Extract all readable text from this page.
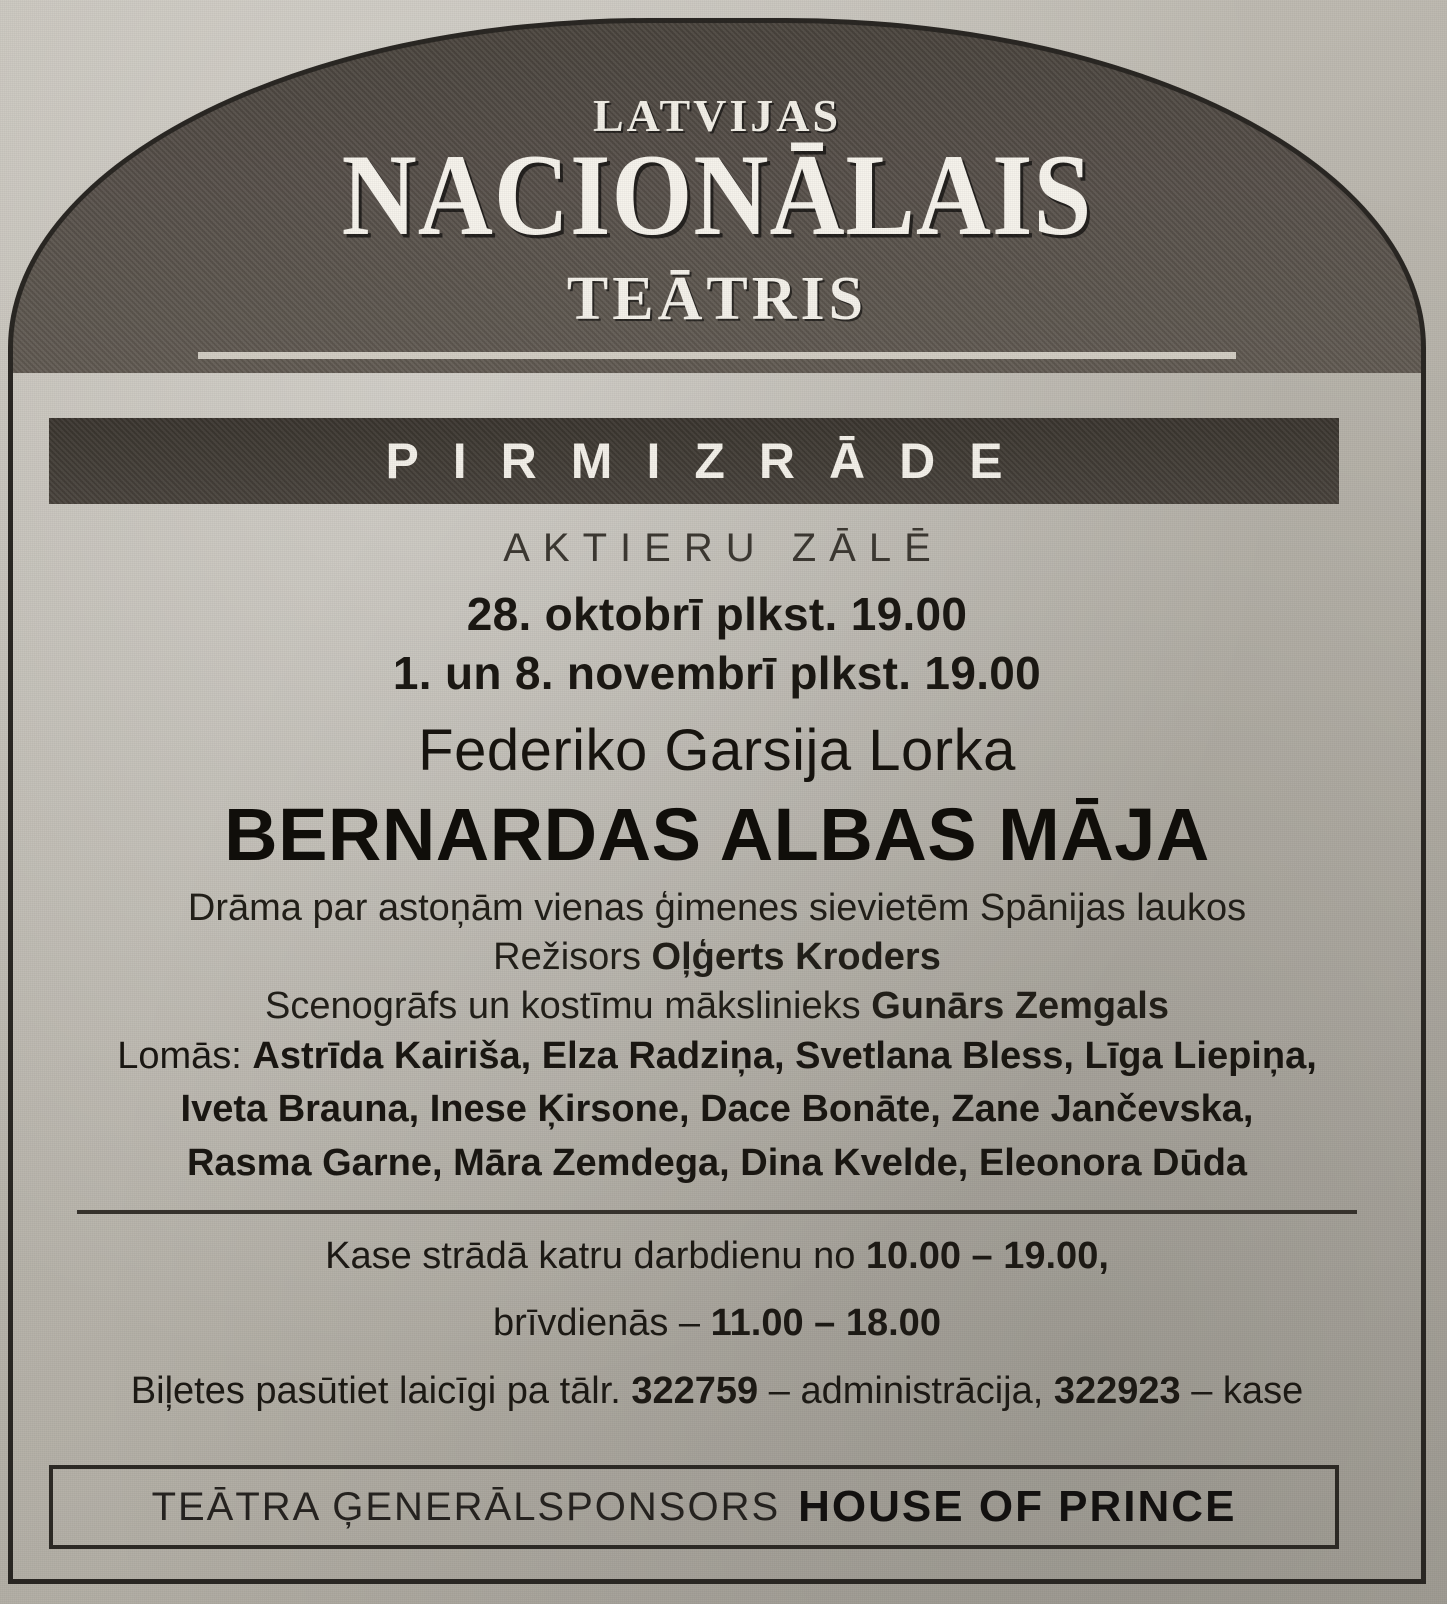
LATVIJAS
NACIONĀLAIS
TEĀTRIS
PIRMIZRĀDE
AKTIERU ZĀLĒ
28. oktobrī plkst. 19.00
1. un 8. novembrī plkst. 19.00
Federiko Garsija Lorka
BERNARDAS ALBAS MĀJA
Drāma par astoņām vienas ģimenes sievietēm Spānijas laukos
Režisors Oļģerts Kroders
Scenogrāfs un kostīmu mākslinieks Gunārs Zemgals
Lomās: Astrīda Kairiša, Elza Radziņa, Svetlana Bless, Līga Liepiņa,
Iveta Brauna, Inese Ķirsone, Dace Bonāte, Zane Jančevska,
Rasma Garne, Māra Zemdega, Dina Kvelde, Eleonora Dūda
Kase strādā katru darbdienu no 10.00 – 19.00,
brīvdienās – 11.00 – 18.00
Biļetes pasūtiet laicīgi pa tālr. 322759 – administrācija, 322923 – kase
TEĀTRA ĢENERĀLSPONSORS HOUSE OF PRINCE
